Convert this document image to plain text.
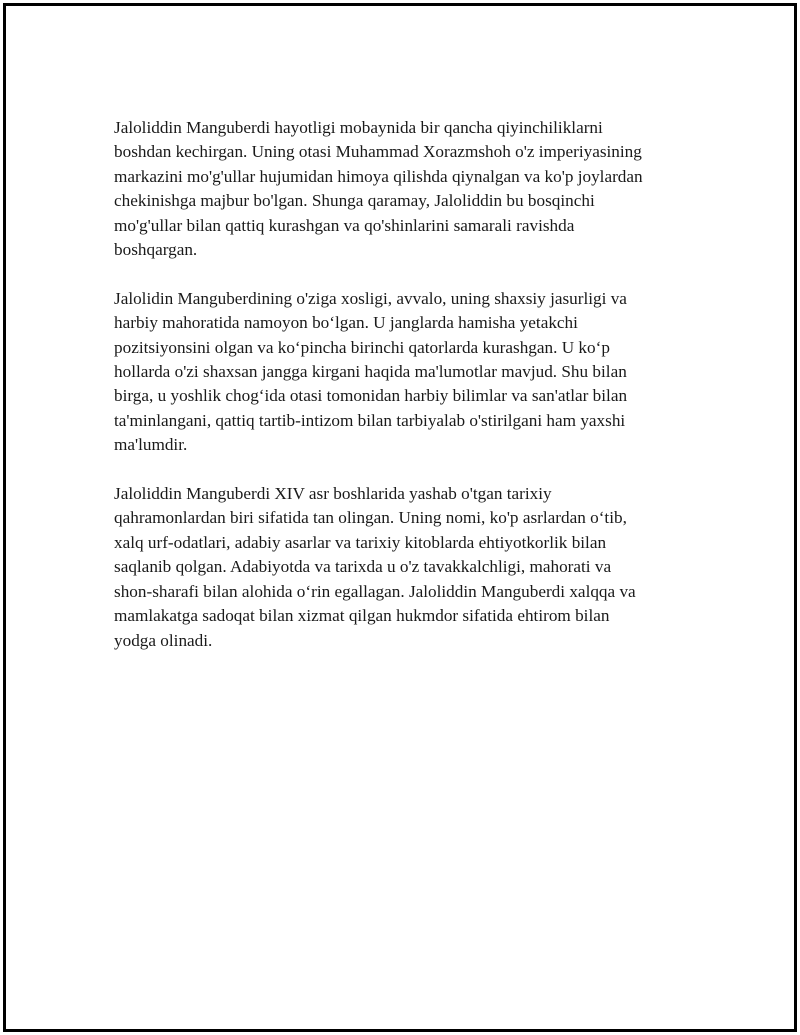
Jaloliddin Manguberdi hayotligi mobaynida bir qancha qiyinchiliklarni
boshdan kechirgan. Uning otasi Muhammad Xorazmshoh o'z imperiyasining
markazini mo'g'ullar hujumidan himoya qilishda qiynalgan va ko'p joylardan
chekinishga majbur bo'lgan. Shunga qaramay, Jaloliddin bu bosqinchi
mo'g'ullar bilan qattiq kurashgan va qo'shinlarini samarali ravishda
boshqargan.

Jalolidin Manguberdining o'ziga xosligi, avvalo, uning shaxsiy jasurligi va
harbiy mahoratida namoyon bo‘lgan. U janglarda hamisha yetakchi
pozitsiyonsini olgan va ko‘pincha birinchi qatorlarda kurashgan. U ko‘p
hollarda o'zi shaxsan jangga kirgani haqida ma'lumotlar mavjud. Shu bilan
birga, u yoshlik chog‘ida otasi tomonidan harbiy bilimlar va san'atlar bilan
ta'minlangani, qattiq tartib-intizom bilan tarbiyalab o'stirilgani ham yaxshi
ma'lumdir.

Jaloliddin Manguberdi XIV asr boshlarida yashab o'tgan tarixiy
qahramonlardan biri sifatida tan olingan. Uning nomi, ko'p asrlardan o‘tib,
xalq urf-odatlari, adabiy asarlar va tarixiy kitoblarda ehtiyotkorlik bilan
saqlanib qolgan. Adabiyotda va tarixda u o'z tavakkalchligi, mahorati va
shon-sharafi bilan alohida o‘rin egallagan. Jaloliddin Manguberdi xalqqa va
mamlakatga sadoqat bilan xizmat qilgan hukmdor sifatida ehtirom bilan
yodga olinadi.
